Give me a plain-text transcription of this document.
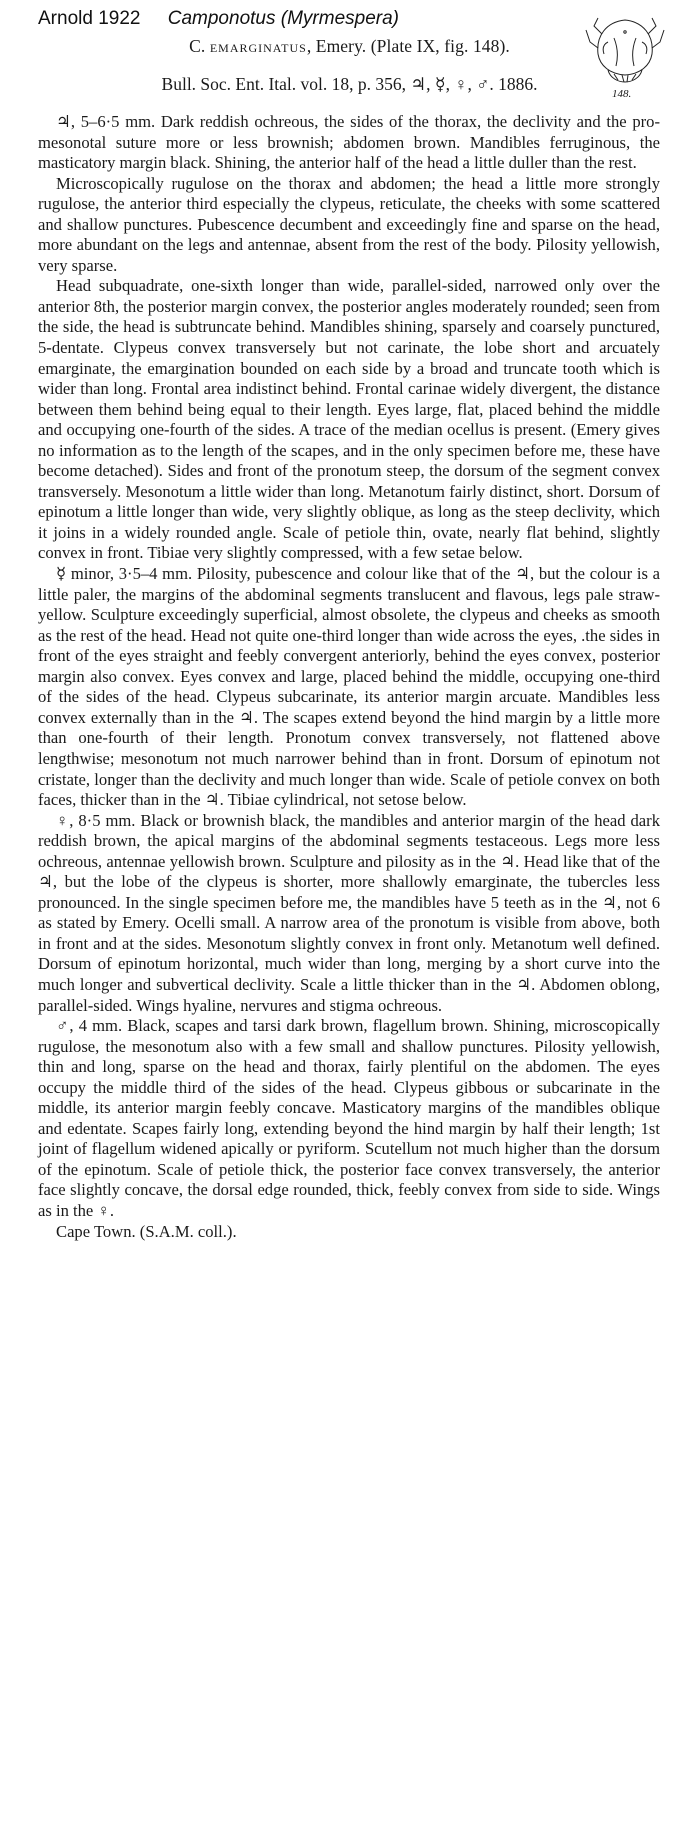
Arnold 1922 Camponotus (Myrmespera)
C. emarginatus, Emery. (Plate IX, fig. 148).
Bull. Soc. Ent. Ital. vol. 18, p. 356, ♃, ☿, ♀, ♂. 1886.	148.

♃, 5–6·5 mm. Dark reddish ochreous, the sides of the thorax, the declivity and the pro-mesonotal suture more or less brownish; abdomen brown. Mandibles ferruginous, the masticatory margin black. Shining, the anterior half of the head a little duller than the rest.

Microscopically rugulose on the thorax and abdomen; the head a little more strongly rugulose, the anterior third especially the clypeus, reticulate, the cheeks with some scattered and shallow punctures. Pubescence decumbent and exceedingly fine and sparse on the head, more abundant on the legs and antennae, absent from the rest of the body. Pilosity yellowish, very sparse.

Head subquadrate, one-sixth longer than wide, parallel-sided, narrowed only over the anterior 8th, the posterior margin convex, the posterior angles moderately rounded; seen from the side, the head is subtruncate behind. Mandibles shining, sparsely and coarsely punctured, 5-dentate. Clypeus convex transversely but not carinate, the lobe short and arcuately emarginate, the emargination bounded on each side by a broad and truncate tooth which is wider than long. Frontal area indistinct behind. Frontal carinae widely divergent, the distance between them behind being equal to their length. Eyes large, flat, placed behind the middle and occupying one-fourth of the sides. A trace of the median ocellus is present. (Emery gives no information as to the length of the scapes, and in the only specimen before me, these have become detached). Sides and front of the pronotum steep, the dorsum of the segment convex transversely. Mesonotum a little wider than long. Metanotum fairly distinct, short. Dorsum of epinotum a little longer than wide, very slightly oblique, as long as the steep declivity, which it joins in a widely rounded angle. Scale of petiole thin, ovate, nearly flat behind, slightly convex in front. Tibiae very slightly compressed, with a few setae below.

☿ minor, 3·5–4 mm. Pilosity, pubescence and colour like that of the ♃, but the colour is a little paler, the margins of the abdominal segments translucent and flavous, legs pale straw-yellow. Sculpture exceedingly superficial, almost obsolete, the clypeus and cheeks as smooth as the rest of the head. Head not quite one-third longer than wide across the eyes, .the sides in front of the eyes straight and feebly convergent anteriorly, behind the eyes convex, posterior margin also convex. Eyes convex and large, placed behind the middle, occupying one-third of the sides of the head. Clypeus subcarinate, its anterior margin arcuate. Mandibles less convex externally than in the ♃. The scapes extend beyond the hind margin by a little more than one-fourth of their length. Pronotum convex transversely, not flattened above lengthwise; mesonotum not much narrower behind than in front. Dorsum of epinotum not cristate, longer than the declivity and much longer than wide. Scale of petiole convex on both faces, thicker than in the ♃. Tibiae cylindrical, not setose below.

♀, 8·5 mm. Black or brownish black, the mandibles and anterior margin of the head dark reddish brown, the apical margins of the abdominal segments testaceous. Legs more less ochreous, antennae yellowish brown. Sculpture and pilosity as in the ♃. Head like that of the ♃, but the lobe of the clypeus is shorter, more shallowly emarginate, the tubercles less pronounced. In the single specimen before me, the mandibles have 5 teeth as in the ♃, not 6 as stated by Emery. Ocelli small. A narrow area of the pronotum is visible from above, both in front and at the sides. Mesonotum slightly convex in front only. Metanotum well defined. Dorsum of epinotum horizontal, much wider than long, merging by a short curve into the much longer and subvertical declivity. Scale a little thicker than in the ♃. Abdomen oblong, parallel-sided. Wings hyaline, nervures and stigma ochreous.

♂, 4 mm. Black, scapes and tarsi dark brown, flagellum brown. Shining, microscopically rugulose, the mesonotum also with a few small and shallow punctures. Pilosity yellowish, thin and long, sparse on the head and thorax, fairly plentiful on the abdomen. The eyes occupy the middle third of the sides of the head. Clypeus gibbous or subcarinate in the middle, its anterior margin feebly concave. Masticatory margins of the mandibles oblique and edentate. Scapes fairly long, extending beyond the hind margin by half their length; 1st joint of flagellum widened apically or pyriform. Scutellum not much higher than the dorsum of the epinotum. Scale of petiole thick, the posterior face convex transversely, the anterior face slightly concave, the dorsal edge rounded, thick, feebly convex from side to side. Wings as in the ♀.

Cape Town. (S.A.M. coll.).
